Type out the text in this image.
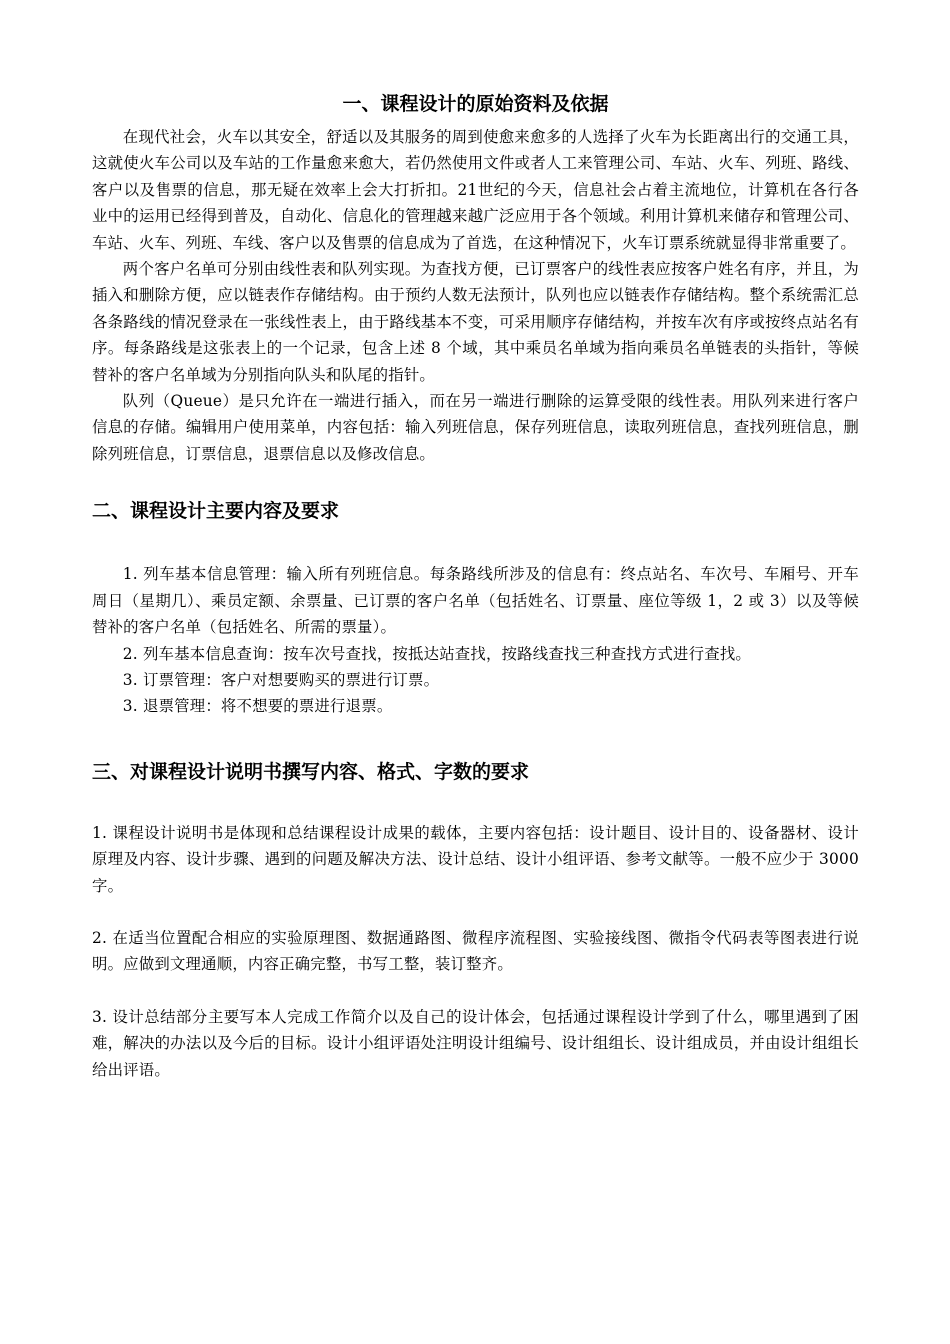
一、课程设计的原始资料及依据

在现代社会，火车以其安全，舒适以及其服务的周到使愈来愈多的人选择了火车为长距离出行的交通工具，这就使火车公司以及车站的工作量愈来愈大，若仍然使用文件或者人工来管理公司、车站、火车、列班、路线、客户以及售票的信息，那无疑在效率上会大打折扣。21世纪的今天，信息社会占着主流地位，计算机在各行各业中的运用已经得到普及，自动化、信息化的管理越来越广泛应用于各个领域。利用计算机来储存和管理公司、车站、火车、列班、车线、客户以及售票的信息成为了首选，在这种情况下，火车订票系统就显得非常重要了。

两个客户名单可分别由线性表和队列实现。为查找方便，已订票客户的线性表应按客户姓名有序，并且，为插入和删除方便，应以链表作存储结构。由于预约人数无法预计，队列也应以链表作存储结构。整个系统需汇总各条路线的情况登录在一张线性表上，由于路线基本不变，可采用顺序存储结构，并按车次有序或按终点站名有序。每条路线是这张表上的一个记录，包含上述 8 个域，其中乘员名单域为指向乘员名单链表的头指针，等候替补的客户名单域为分别指向队头和队尾的指针。

队列（Queue）是只允许在一端进行插入，而在另一端进行删除的运算受限的线性表。用队列来进行客户信息的存储。编辑用户使用菜单，内容包括：输入列班信息，保存列班信息，读取列班信息，查找列班信息，删除列班信息，订票信息，退票信息以及修改信息。

二、课程设计主要内容及要求

1. 列车基本信息管理：输入所有列班信息。每条路线所涉及的信息有：终点站名、车次号、车厢号、开车周日（星期几）、乘员定额、余票量、已订票的客户名单（包括姓名、订票量、座位等级 1，2 或 3）以及等候替补的客户名单（包括姓名、所需的票量）。

2. 列车基本信息查询：按车次号查找，按抵达站查找，按路线查找三种查找方式进行查找。

3. 订票管理：客户对想要购买的票进行订票。

3. 退票管理：将不想要的票进行退票。

三、对课程设计说明书撰写内容、格式、字数的要求

1. 课程设计说明书是体现和总结课程设计成果的载体，主要内容包括：设计题目、设计目的、设备器材、设计原理及内容、设计步骤、遇到的问题及解决方法、设计总结、设计小组评语、参考文献等。一般不应少于 3000 字。

2. 在适当位置配合相应的实验原理图、数据通路图、微程序流程图、实验接线图、微指令代码表等图表进行说明。应做到文理通顺，内容正确完整，书写工整，装订整齐。

3. 设计总结部分主要写本人完成工作简介以及自己的设计体会，包括通过课程设计学到了什么，哪里遇到了困难，解决的办法以及今后的目标。设计小组评语处注明设计组编号、设计组组长、设计组成员，并由设计组组长给出评语。
